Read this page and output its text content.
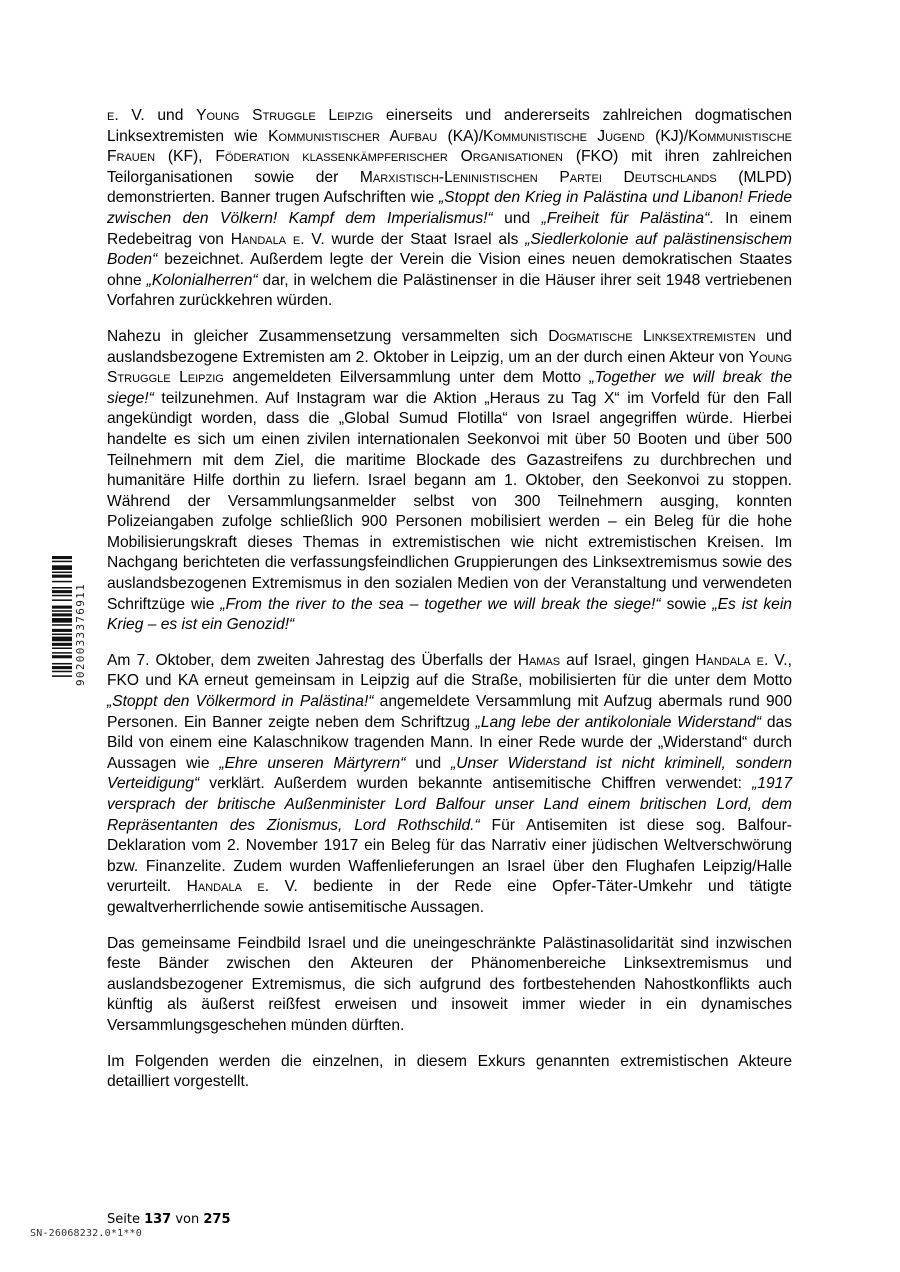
e. V. und Young Struggle Leipzig einerseits und andererseits zahlreichen dogmatischen Linksextremisten wie Kommunistischer Aufbau (KA)/Kommunistische Jugend (KJ)/Kommunistische Frauen (KF), Föderation klassenkämpferischer Organisationen (FKO) mit ihren zahlreichen Teilorganisationen sowie der Marxistisch-Leninistischen Partei Deutschlands (MLPD) demonstrierten. Banner trugen Aufschriften wie „Stoppt den Krieg in Palästina und Libanon! Friede zwischen den Völkern! Kampf dem Imperialismus!“ und „Freiheit für Palästina“. In einem Redebeitrag von Handala e. V. wurde der Staat Israel als „Siedlerkolonie auf palästinensischem Boden“ bezeichnet. Außerdem legte der Verein die Vision eines neuen demokratischen Staates ohne „Kolonialherren“ dar, in welchem die Palästinenser in die Häuser ihrer seit 1948 vertriebenen Vorfahren zurückkehren würden.

Nahezu in gleicher Zusammensetzung versammelten sich Dogmatische Linksextremisten und auslandsbezogene Extremisten am 2. Oktober in Leipzig, um an der durch einen Akteur von Young Struggle Leipzig angemeldeten Eilversammlung unter dem Motto „Together we will break the siege!“ teilzunehmen. Auf Instagram war die Aktion „Heraus zu Tag X“ im Vorfeld für den Fall angekündigt worden, dass die „Global Sumud Flotilla“ von Israel angegriffen würde. Hierbei handelte es sich um einen zivilen internationalen Seekonvoi mit über 50 Booten und über 500 Teilnehmern mit dem Ziel, die maritime Blockade des Gazastreifens zu durchbrechen und humanitäre Hilfe dorthin zu liefern. Israel begann am 1. Oktober, den Seekonvoi zu stoppen. Während der Versammlungsanmelder selbst von 300 Teilnehmern ausging, konnten Polizeiangaben zufolge schließlich 900 Personen mobilisiert werden – ein Beleg für die hohe Mobilisierungskraft dieses Themas in extremistischen wie nicht extremistischen Kreisen. Im Nachgang berichteten die verfassungsfeindlichen Gruppierungen des Linksextremismus sowie des auslandsbezogenen Extremismus in den sozialen Medien von der Veranstaltung und verwendeten Schriftzüge wie „From the river to the sea – together we will break the siege!“ sowie „Es ist kein Krieg – es ist ein Genozid!“

Am 7. Oktober, dem zweiten Jahrestag des Überfalls der Hamas auf Israel, gingen Handala e. V., FKO und KA erneut gemeinsam in Leipzig auf die Straße, mobilisierten für die unter dem Motto „Stoppt den Völkermord in Palästina!“ angemeldete Versammlung mit Aufzug abermals rund 900 Personen. Ein Banner zeigte neben dem Schriftzug „Lang lebe der antikoloniale Widerstand“ das Bild von einem eine Kalaschnikow tragenden Mann. In einer Rede wurde der „Widerstand“ durch Aussagen wie „Ehre unseren Märtyrern“ und „Unser Widerstand ist nicht kriminell, sondern Verteidigung“ verklärt. Außerdem wurden bekannte antisemitische Chiffren verwendet: „1917 versprach der britische Außenminister Lord Balfour unser Land einem britischen Lord, dem Repräsentanten des Zionismus, Lord Rothschild.“ Für Antisemiten ist diese sog. Balfour-Deklaration vom 2. November 1917 ein Beleg für das Narrativ einer jüdischen Weltverschwörung bzw. Finanzelite. Zudem wurden Waffenlieferungen an Israel über den Flughafen Leipzig/Halle verurteilt. Handala e. V. bediente in der Rede eine Opfer-Täter-Umkehr und tätigte gewaltverherrlichende sowie antisemitische Aussagen.

Das gemeinsame Feindbild Israel und die uneingeschränkte Palästinasolidarität sind inzwischen feste Bänder zwischen den Akteuren der Phänomenbereiche Linksextremismus und auslandsbezogener Extremismus, die sich aufgrund des fortbestehenden Nahostkonflikts auch künftig als äußerst reißfest erweisen und insoweit immer wieder in ein dynamisches Versammlungsgeschehen münden dürften.

Im Folgenden werden die einzelnen, in diesem Exkurs genannten extremistischen Akteure detailliert vorgestellt.

9020033376911
Seite 137 von 275
SN-26068232.0*1**0
